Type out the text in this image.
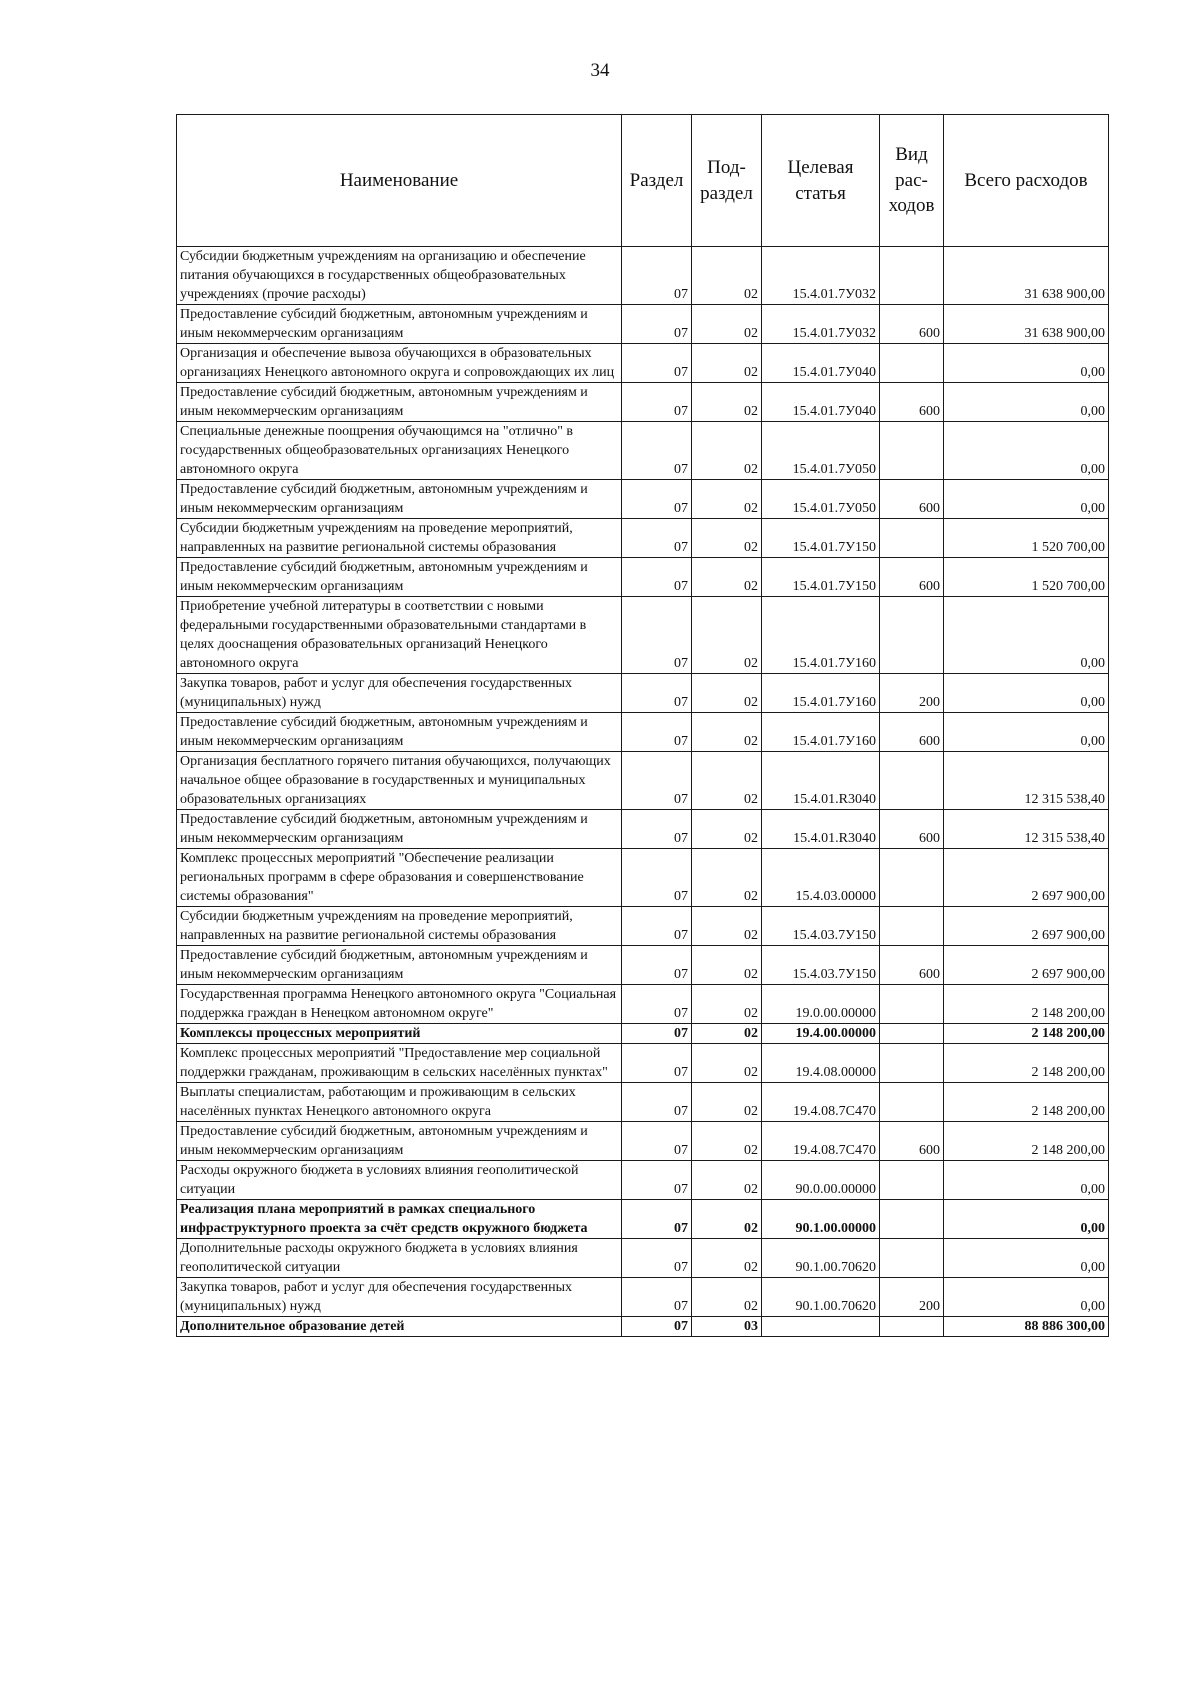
34
Наименование	Раздел	Под-раздел	Целевая статья	Вид рас-ходов	Всего расходов
Субсидии бюджетным учреждениям на организацию и обеспечение питания обучающихся в государственных общеобразовательных учреждениях (прочие расходы)	07	02	15.4.01.7У032		31 638 900,00
Предоставление субсидий бюджетным, автономным учреждениям и иным некоммерческим организациям	07	02	15.4.01.7У032	600	31 638 900,00
Организация и обеспечение вывоза обучающихся в образовательных организациях Ненецкого автономного округа и сопровождающих их лиц	07	02	15.4.01.7У040		0,00
Предоставление субсидий бюджетным, автономным учреждениям и иным некоммерческим организациям	07	02	15.4.01.7У040	600	0,00
Специальные денежные поощрения обучающимся на "отлично" в государственных общеобразовательных организациях Ненецкого автономного округа	07	02	15.4.01.7У050		0,00
Предоставление субсидий бюджетным, автономным учреждениям и иным некоммерческим организациям	07	02	15.4.01.7У050	600	0,00
Субсидии бюджетным учреждениям на проведение мероприятий, направленных на развитие региональной системы образования	07	02	15.4.01.7У150		1 520 700,00
Предоставление субсидий бюджетным, автономным учреждениям и иным некоммерческим организациям	07	02	15.4.01.7У150	600	1 520 700,00
Приобретение учебной литературы в соответствии с новыми федеральными государственными образовательными стандартами в целях дооснащения образовательных организаций Ненецкого автономного округа	07	02	15.4.01.7У160		0,00
Закупка товаров, работ и услуг для обеспечения государственных (муниципальных) нужд	07	02	15.4.01.7У160	200	0,00
Предоставление субсидий бюджетным, автономным учреждениям и иным некоммерческим организациям	07	02	15.4.01.7У160	600	0,00
Организация бесплатного горячего питания обучающихся, получающих начальное общее образование в государственных и муниципальных образовательных организациях	07	02	15.4.01.R3040		12 315 538,40
Предоставление субсидий бюджетным, автономным учреждениям и иным некоммерческим организациям	07	02	15.4.01.R3040	600	12 315 538,40
Комплекс процессных мероприятий "Обеспечение реализации региональных программ в сфере образования и совершенствование системы образования"	07	02	15.4.03.00000		2 697 900,00
Субсидии бюджетным учреждениям на проведение мероприятий, направленных на развитие региональной системы образования	07	02	15.4.03.7У150		2 697 900,00
Предоставление субсидий бюджетным, автономным учреждениям и иным некоммерческим организациям	07	02	15.4.03.7У150	600	2 697 900,00
Государственная программа Ненецкого автономного округа "Социальная поддержка граждан в Ненецком автономном округе"	07	02	19.0.00.00000		2 148 200,00
Комплексы процессных мероприятий	07	02	19.4.00.00000		2 148 200,00
Комплекс процессных мероприятий "Предоставление мер социальной поддержки гражданам, проживающим в сельских населённых пунктах"	07	02	19.4.08.00000		2 148 200,00
Выплаты специалистам, работающим и проживающим в сельских населённых пунктах Ненецкого автономного округа	07	02	19.4.08.7С470		2 148 200,00
Предоставление субсидий бюджетным, автономным учреждениям и иным некоммерческим организациям	07	02	19.4.08.7С470	600	2 148 200,00
Расходы окружного бюджета в условиях влияния геополитической ситуации	07	02	90.0.00.00000		0,00
Реализация плана мероприятий в рамках специального инфраструктурного проекта за счёт средств окружного бюджета	07	02	90.1.00.00000		0,00
Дополнительные расходы окружного бюджета в условиях влияния геополитической ситуации	07	02	90.1.00.70620		0,00
Закупка товаров, работ и услуг для обеспечения государственных (муниципальных) нужд	07	02	90.1.00.70620	200	0,00
Дополнительное образование детей	07	03			88 886 300,00
